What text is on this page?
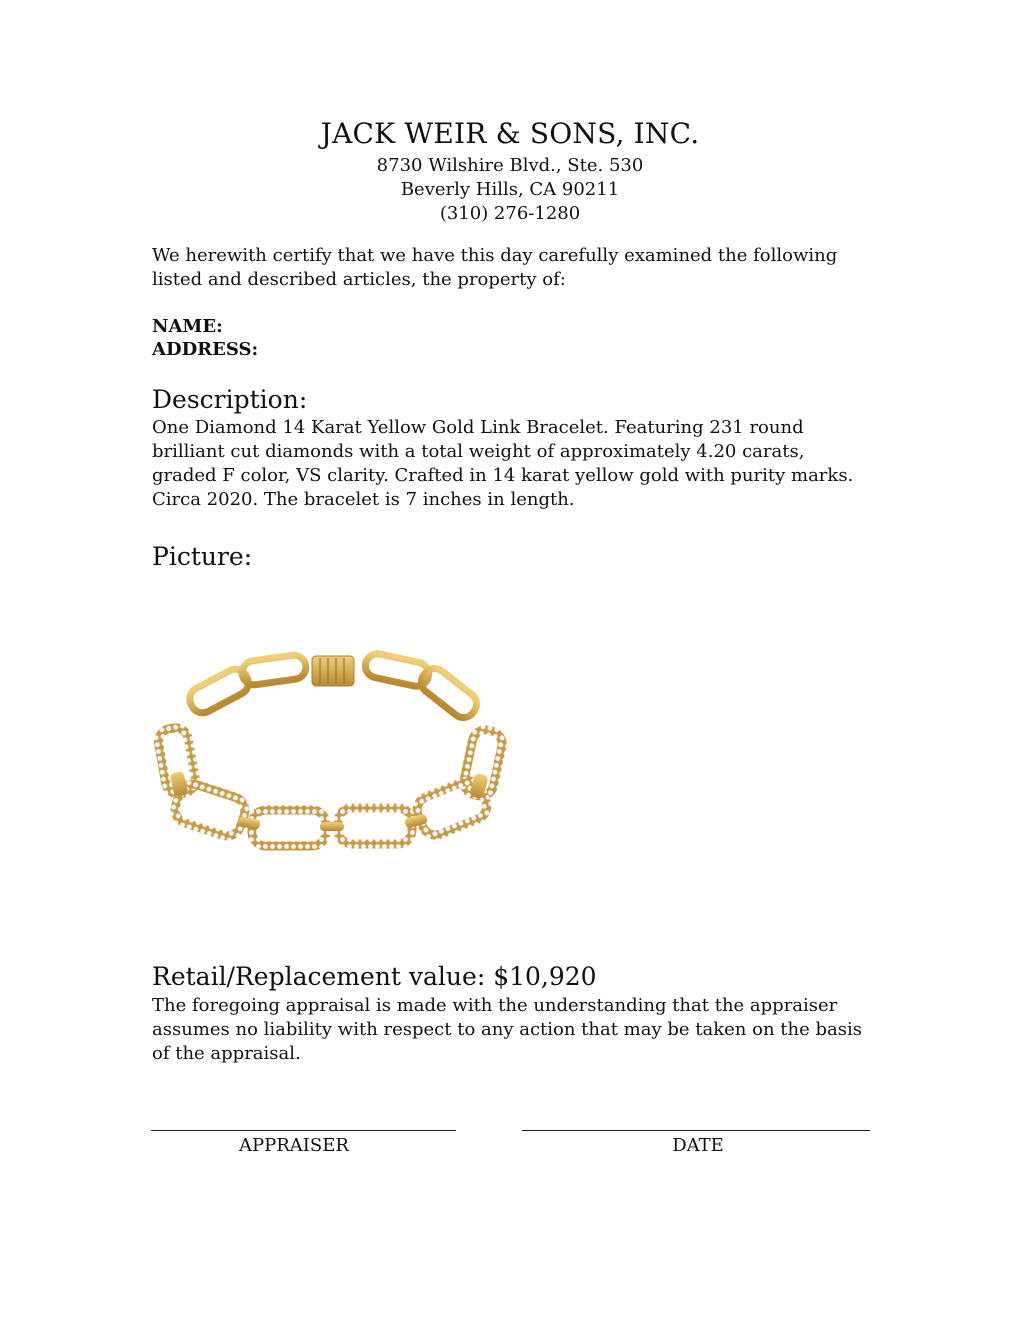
JACK WEIR & SONS, INC.
8730 Wilshire Blvd., Ste. 530
Beverly Hills, CA 90211
(310) 276-1280
We herewith certify that we have this day carefully examined the following listed and described articles, the property of:
NAME:
ADDRESS:
Description:
One Diamond 14 Karat Yellow Gold Link Bracelet. Featuring 231 round brilliant cut diamonds with a total weight of approximately 4.20 carats, graded F color, VS clarity. Crafted in 14 karat yellow gold with purity marks. Circa 2020. The bracelet is 7 inches in length.
Picture:
Retail/Replacement value: $10,920
The foregoing appraisal is made with the understanding that the appraiser assumes no liability with respect to any action that may be taken on the basis of the appraisal.
APPRAISER	DATE
